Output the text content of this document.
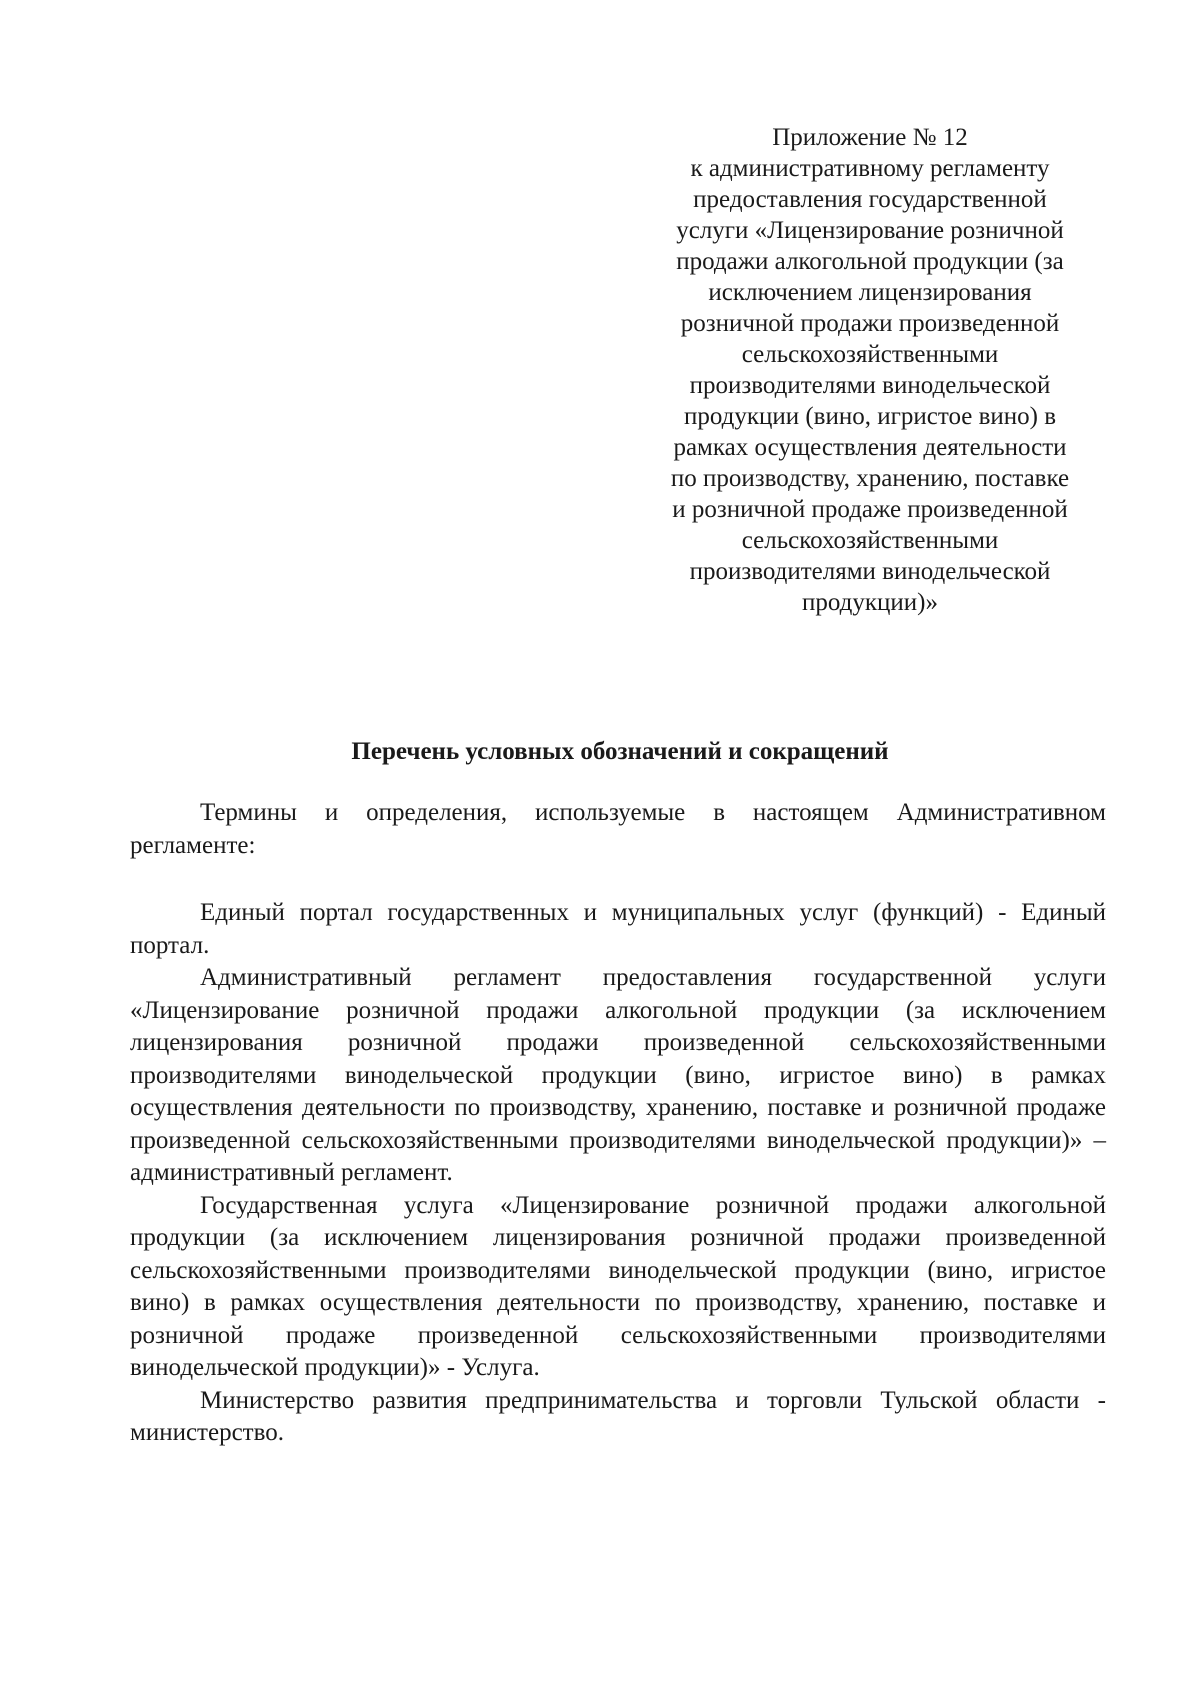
Приложение № 12
к административному регламенту
предоставления государственной
услуги «Лицензирование розничной
продажи алкогольной продукции (за
исключением лицензирования
розничной продажи произведенной
сельскохозяйственными
производителями винодельческой
продукции (вино, игристое вино) в
рамках осуществления деятельности
по производству, хранению, поставке
и розничной продаже произведенной
сельскохозяйственными
производителями винодельческой
продукции)»
Перечень условных обозначений и сокращений

Термины и определения, используемые в настоящем Административном регламенте:

Единый портал государственных и муниципальных услуг (функций) - Единый портал.

Административный регламент предоставления государственной услуги «Лицензирование розничной продажи алкогольной продукции (за исключением лицензирования розничной продажи произведенной сельскохозяйственными производителями винодельческой продукции (вино, игристое вино) в рамках осуществления деятельности по производству, хранению, поставке и розничной продаже произведенной сельскохозяйственными производителями винодельческой продукции)» – административный регламент.

Государственная услуга «Лицензирование розничной продажи алкогольной продукции (за исключением лицензирования розничной продажи произведенной сельскохозяйственными производителями винодельческой продукции (вино, игристое вино) в рамках осуществления деятельности по производству, хранению, поставке и розничной продаже произведенной сельскохозяйственными производителями винодельческой продукции)» - Услуга.

Министерство развития предпринимательства и торговли Тульской области - министерство.
